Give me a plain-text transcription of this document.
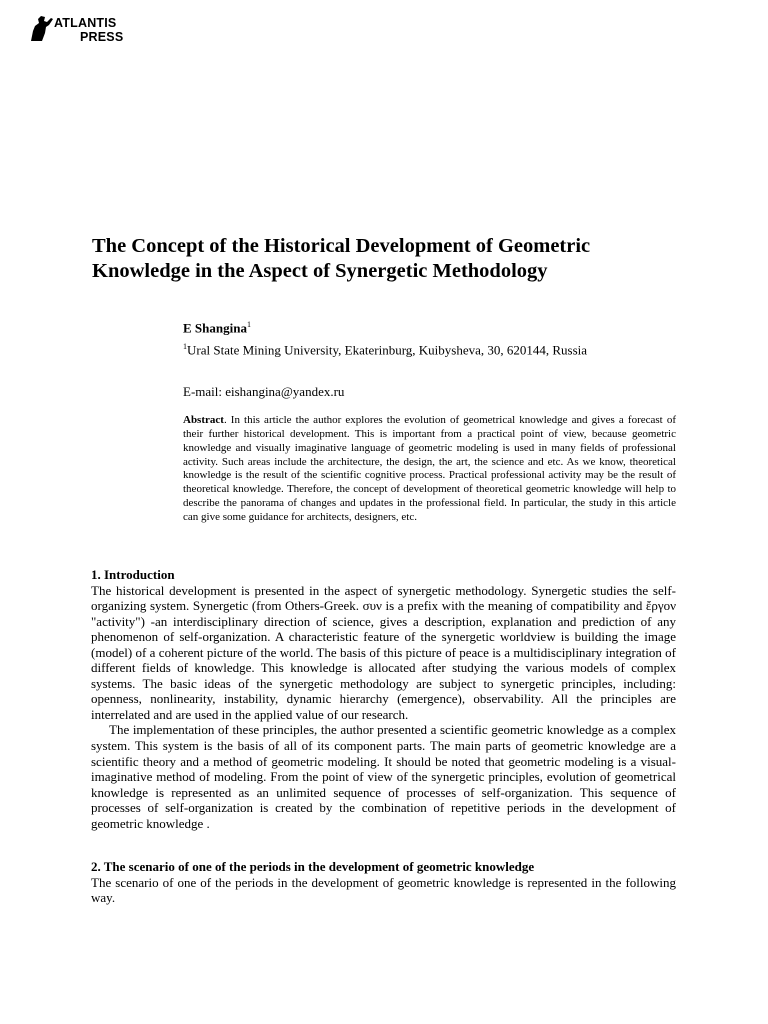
ATLANTIS
PRESS
The Concept of the Historical Development of Geometric Knowledge in the Aspect of Synergetic Methodology

E Shangina$^1$

$^1$Ural State Mining University, Ekaterinburg, Kuibysheva, 30, 620144, Russia

E-mail: eishangina@yandex.ru

Abstract. In this article the author explores the evolution of geometrical knowledge and gives a forecast of their further historical development. This is important from a practical point of view, because geometric knowledge and visually imaginative language of geometric modeling is used in many fields of professional activity. Such areas include the architecture, the design, the art, the science and etc. As we know, theoretical knowledge is the result of the scientific cognitive process. Practical professional activity may be the result of theoretical knowledge. Therefore, the concept of development of theoretical geometric knowledge will help to describe the panorama of changes and updates in the professional field. In particular, the study in this article can give some guidance for architects, designers, etc.

1. Introduction

The historical development is presented in the aspect of synergetic methodology. Synergetic studies the self-organizing system. Synergetic (from Others-Greek. συν is a prefix with the meaning of compatibility and ἔργον "activity") -an interdisciplinary direction of science, gives a description, explanation and prediction of any phenomenon of self-organization. A characteristic feature of the synergetic worldview is building the image (model) of a coherent picture of the world. The basis of this picture of peace is a multidisciplinary integration of different fields of knowledge. This knowledge is allocated after studying the various models of complex systems. The basic ideas of the synergetic methodology are subject to synergetic principles, including: openness, nonlinearity, instability, dynamic hierarchy (emergence), observability. All the principles are interrelated and are used in the applied value of our research.

The implementation of these principles, the author presented a scientific geometric knowledge as a complex system. This system is the basis of all of its component parts. The main parts of geometric knowledge are a scientific theory and a method of geometric modeling. It should be noted that geometric modeling is a visual-imaginative method of modeling. From the point of view of the synergetic principles, evolution of geometrical knowledge is represented as an unlimited sequence of processes of self-organization. This sequence of processes of self-organization is created by the combination of repetitive periods in the development of geometric knowledge .

2. The scenario of one of the periods in the development of geometric knowledge

The scenario of one of the periods in the development of geometric knowledge is represented in the following way.
